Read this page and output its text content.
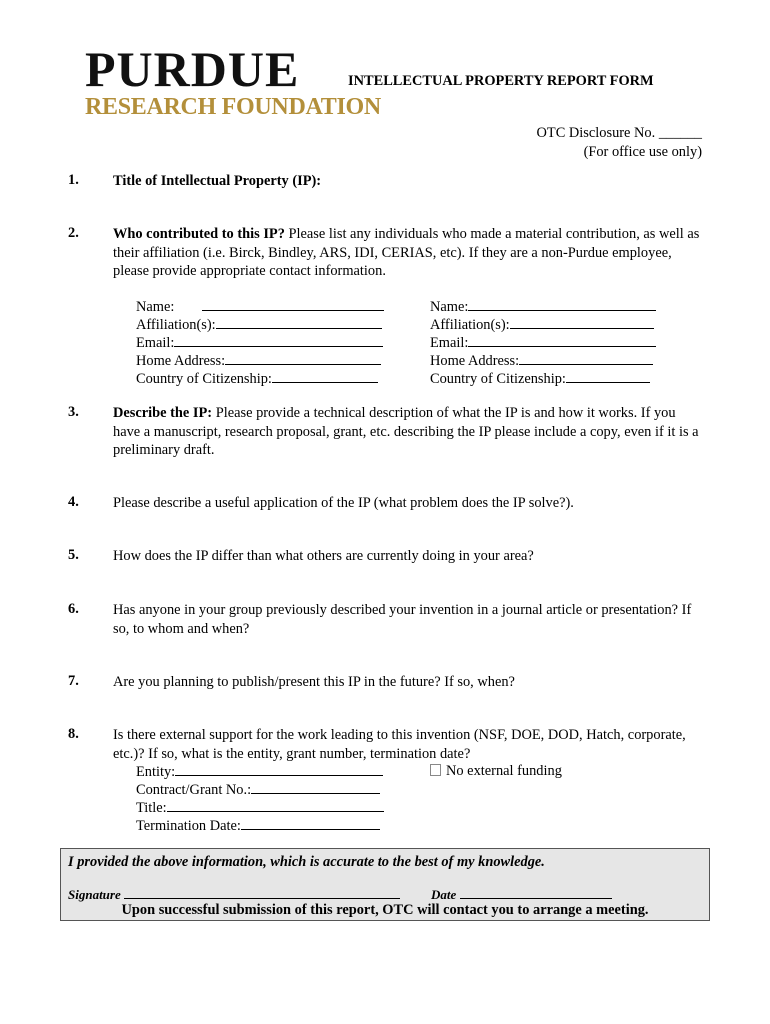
PURDUE
RESEARCH FOUNDATION
INTELLECTUAL PROPERTY REPORT FORM
OTC Disclosure No. ______
(For office use only)
1. Title of Intellectual Property (IP):
2. Who contributed to this IP? Please list any individuals who made a material contribution, as well as their affiliation (i.e. Birck, Bindley, ARS, IDI, CERIAS, etc). If they are a non-Purdue employee, please provide appropriate contact information.
Name:
Affiliation(s):
Email:
Home Address:
Country of Citizenship:
Name:
Affiliation(s):
Email:
Home Address:
Country of Citizenship:
3. Describe the IP: Please provide a technical description of what the IP is and how it works. If you have a manuscript, research proposal, grant, etc. describing the IP please include a copy, even if it is a preliminary draft.
4. Please describe a useful application of the IP (what problem does the IP solve?).
5. How does the IP differ than what others are currently doing in your area?
6. Has anyone in your group previously described your invention in a journal article or presentation? If so, to whom and when?
7. Are you planning to publish/present this IP in the future? If so, when?
8. Is there external support for the work leading to this invention (NSF, DOE, DOD, Hatch, corporate, etc.)? If so, what is the entity, grant number, termination date?
Entity:
Contract/Grant No.:
Title:
Termination Date:
No external funding
I provided the above information, which is accurate to the best of my knowledge.
Signature	Date
Upon successful submission of this report, OTC will contact you to arrange a meeting.
